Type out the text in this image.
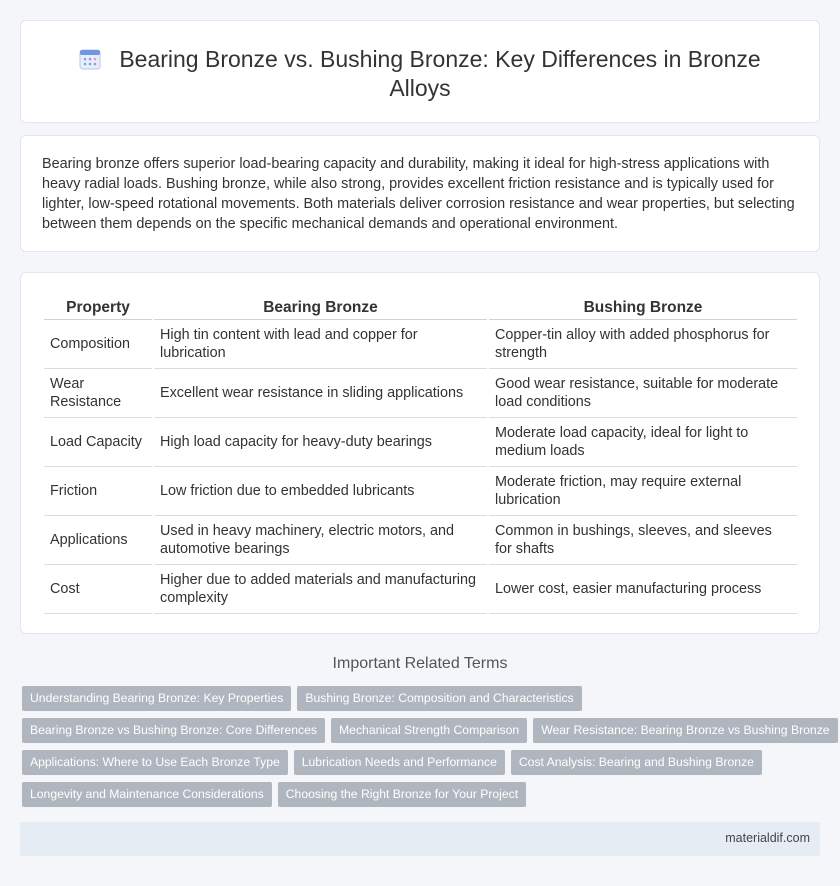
Bearing Bronze vs. Bushing Bronze: Key Differences in Bronze Alloys

Bearing bronze offers superior load-bearing capacity and durability, making it ideal for high-stress applications with heavy radial loads. Bushing bronze, while also strong, provides excellent friction resistance and is typically used for lighter, low-speed rotational movements. Both materials deliver corrosion resistance and wear properties, but selecting between them depends on the specific mechanical demands and operational environment.

Property	Bearing Bronze	Bushing Bronze
Composition	High tin content with lead and copper for lubrication	Copper-tin alloy with added phosphorus for strength
Wear Resistance	Excellent wear resistance in sliding applications	Good wear resistance, suitable for moderate load conditions
Load Capacity	High load capacity for heavy-duty bearings	Moderate load capacity, ideal for light to medium loads
Friction	Low friction due to embedded lubricants	Moderate friction, may require external lubrication
Applications	Used in heavy machinery, electric motors, and automotive bearings	Common in bushings, sleeves, and sleeves for shafts
Cost	Higher due to added materials and manufacturing complexity	Lower cost, easier manufacturing process
Important Related Terms
Understanding Bearing Bronze: Key Properties Bushing Bronze: Composition and Characteristics
Bearing Bronze vs Bushing Bronze: Core Differences Mechanical Strength Comparison Wear Resistance: Bearing Bronze vs Bushing Bronze
Applications: Where to Use Each Bronze Type Lubrication Needs and Performance Cost Analysis: Bearing and Bushing Bronze
Longevity and Maintenance Considerations Choosing the Right Bronze for Your Project
materialdif.com
